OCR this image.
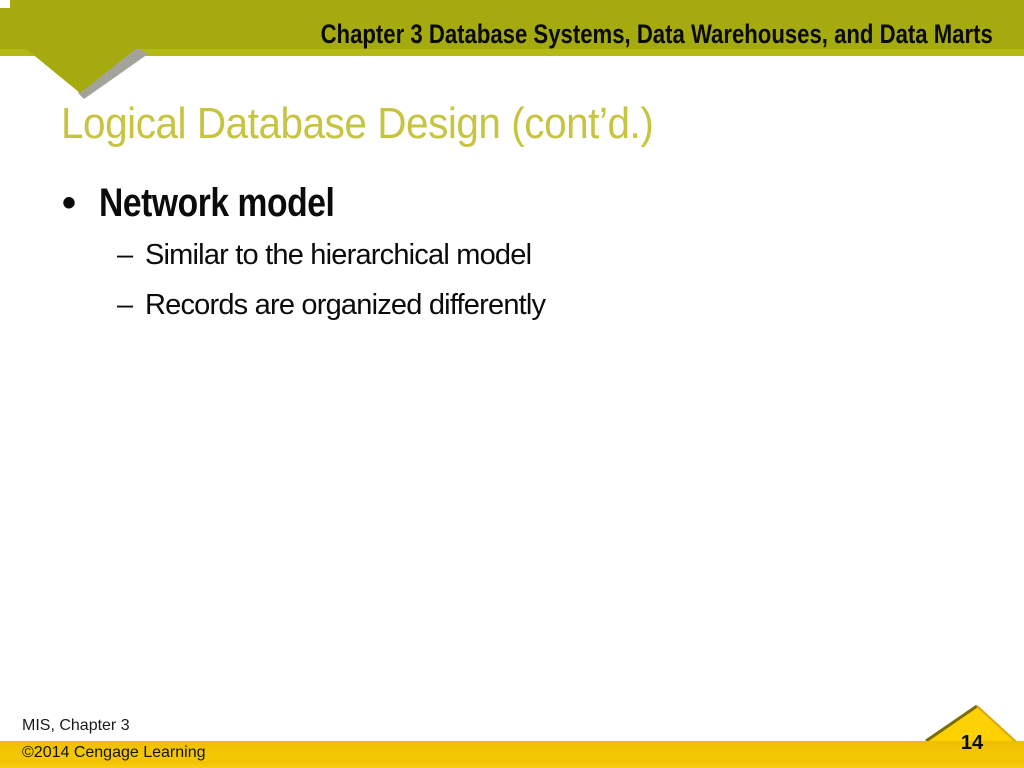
Chapter 3 Database Systems, Data Warehouses, and Data Marts
Logical Database Design (cont’d.)
• Network model
– Similar to the hierarchical model
– Records are organized differently
MIS, Chapter 3
©2014 Cengage Learning	14
